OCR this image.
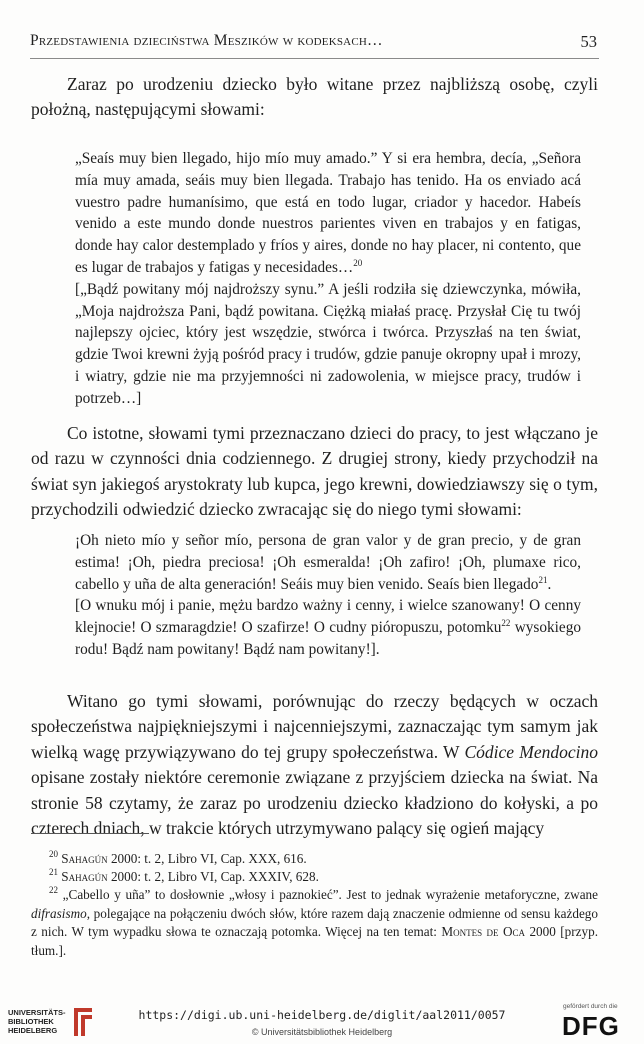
Przedstawienia dzieciństwa Meszików w kodeksach…	53

Zaraz po urodzeniu dziecko było witane przez najbliższą osobę, czyli położną, następującymi słowami:

„Seaís muy bien llegado, hijo mío muy amado.” Y si era hembra, decía, „Señora mía muy amada, seáis muy bien llegada. Trabajo has tenido. Ha os enviado acá vuestro padre humanísimo, que está en todo lugar, criador y hacedor. Habeís venido a este mundo donde nuestros parientes viven en trabajos y en fatigas, donde hay calor destemplado y fríos y aires, donde no hay placer, ni contento, que es lugar de trabajos y fatigas y necesidades…$^{20}$
[„Bądź powitany mój najdroższy synu.” A jeśli rodziła się dziewczynka, mówiła, „Moja najdroższa Pani, bądź powitana. Ciężką miałaś pracę. Przysłał Cię tu twój najlepszy ojciec, który jest wszędzie, stwórca i twórca. Przyszłaś na ten świat, gdzie Twoi krewni żyją pośród pracy i trudów, gdzie panuje okropny upał i mrozy, i wiatry, gdzie nie ma przyjemności ni zadowolenia, w miejsce pracy, trudów i potrzeb…]

Co istotne, słowami tymi przeznaczano dzieci do pracy, to jest włączano je od razu w czynności dnia codziennego. Z drugiej strony, kiedy przychodził na świat syn jakiegoś arystokraty lub kupca, jego krewni, dowiedziawszy się o tym, przychodzili odwiedzić dziecko zwracając się do niego tymi słowami:

¡Oh nieto mío y señor mío, persona de gran valor y de gran precio, y de gran estima! ¡Oh, piedra preciosa! ¡Oh esmeralda! ¡Oh zafiro! ¡Oh, plumaxe rico, cabello y uña de alta generación! Seáis muy bien venido. Seaís bien llegado$^{21}$.
[O wnuku mój i panie, mężu bardzo ważny i cenny, i wielce szanowany! O cenny klejnocie! O szmaragdzie! O szafirze! O cudny pióropuszu, potomku$^{22}$ wysokiego rodu! Bądź nam powitany! Bądź nam powitany!].

Witano go tymi słowami, porównując do rzeczy będących w oczach społeczeństwa najpiękniejszymi i najcenniejszymi, zaznaczając tym samym jak wielką wagę przywiązywano do tej grupy społeczeństwa. W Códice Mendocino opisane zostały niektóre ceremonie związane z przyjściem dziecka na świat. Na stronie 58 czytamy, że zaraz po urodzeniu dziecko kładziono do kołyski, a po czterech dniach, w trakcie których utrzymywano palący się ogień mający

$^{20}$ Sahagún 2000: t. 2, Libro VI, Cap. XXX, 616.
$^{21}$ Sahagún 2000: t. 2, Libro VI, Cap. XXXIV, 628.
$^{22}$ „Cabello y uña” to dosłownie „włosy i paznokieć”. Jest to jednak wyrażenie metaforyczne, zwane difrasismo, polegające na połączeniu dwóch słów, które razem dają znaczenie odmienne od sensu każdego z nich. W tym wypadku słowa te oznaczają potomka. Więcej na ten temat: Montes de Oca 2000 [przyp. tłum.].
UNIVERSITÄTS-
BIBLIOTHEK
HEIDELBERG
https://digi.ub.uni-heidelberg.de/diglit/aal2011/0057
© Universitätsbibliothek Heidelberg
gefördert durch die
DFG
